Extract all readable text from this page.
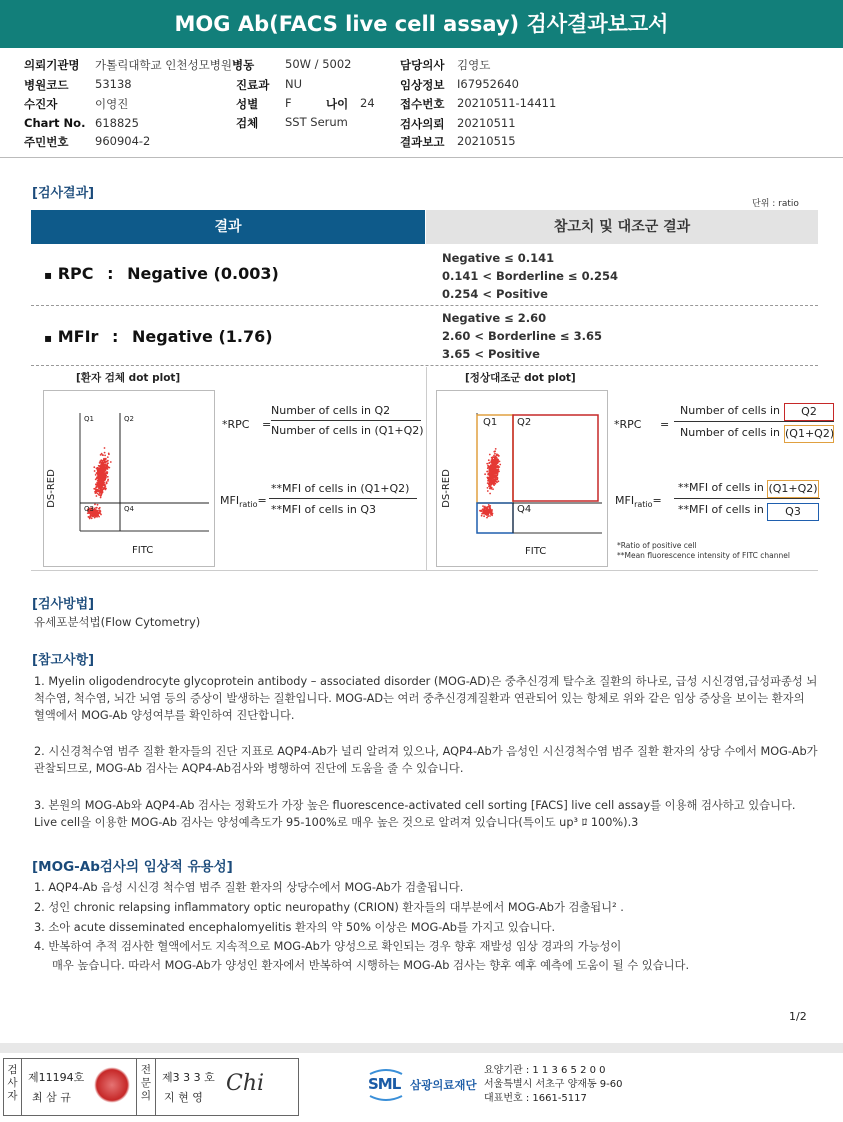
MOG Ab(FACS live cell assay) 검사결과보고서
의뢰기관명 가톨릭대학교 인천성모병원 병동	50W / 5002	담당의사 김영도
병원코드 53138	진료과 NU	임상정보 I67952640
수진자	이영진	성별 F	나이 24 접수번호 20210511-14411
Chart No. 618825	검체 SST Serum	검사의뢰 20210511
주민번호 960904-2	결과보고 20210515
[검사결과]
단위 : ratio
결과	참고치 및 대조군 결과
▪ RPC : Negative (0.003)
Negative ≤ 0.141
0.141 < Borderline ≤ 0.254
0.254 < Positive
▪ MFIr : Negative (1.76)
Negative ≤ 2.60
2.60 < Borderline ≤ 3.65
3.65 < Positive
[환자 검체 dot plot]
Q1	Q2
Q3	Q4
DS-RED
FITC
*RPC =
Number of cells in Q2
Number of cells in (Q1+Q2)
$MFI_{ratio}=$
**MFI of cells in (Q1+Q2)
**MFI of cells in Q3
[정상대조군 dot plot]
Q1 Q2
Q4
DS-RED
FITC
*RPC =
Number of cells in	Q2
Number of cells in (Q1+Q2)
$MFI_{ratio}=$
**MFI of cells in (Q1+Q2)
**MFI of cells in	Q3
*Ratio of positive cell
**Mean fluorescence intensity of FITC channel
[검사방법]
유세포분석법(Flow Cytometry)
[참고사항]
1. Myelin oligodendrocyte glycoprotein antibody – associated disorder (MOG-AD)은 중추신경계 탈수초 질환의 하나로, 급성 시신경염,급성파종성 뇌척수염, 척수염, 뇌간 뇌염 등의 증상이 발생하는 질환입니다. MOG-AD는 여러 중추신경계질환과 연관되어 있는 항체로 위와 같은 임상 증상을 보이는 환자의 혈액에서 MOG-Ab 양성여부를 확인하여 진단합니다.
2. 시신경척수염 범주 질환 환자들의 진단 지표로 AQP4-Ab가 널리 알려져 있으나, AQP4-Ab가 음성인 시신경척수염 범주 질환 환자의 상당 수에서 MOG-Ab가 관찰되므로, MOG-Ab 검사는 AQP4-Ab검사와 병행하여 진단에 도움을 줄 수 있습니다.
3. 본원의 MOG-Ab와 AQP4-Ab 검사는 정확도가 가장 높은 fluorescence-activated cell sorting [FACS] live cell assay를 이용해 검사하고 있습니다. Live cell을 이용한 MOG-Ab 검사는 양성예측도가 95-100%로 매우 높은 것으로 알려져 있습니다(특이도 up³ ﾛ 100%).3
[MOG-Ab검사의 임상적 유용성]
1. AQP4-Ab 음성 시신경 척수염 범주 질환 환자의 상당수에서 MOG-Ab가 검출됩니다.
2. 성인 chronic relapsing inflammatory optic neuropathy (CRION) 환자들의 대부분에서 MOG-Ab가 검출됩니² .
3. 소아 acute disseminated encephalomyelitis 환자의 약 50% 이상은 MOG-Ab를 가지고 있습니다.
4. 반복하여 추적 검사한 혈액에서도 지속적으로 MOG-Ab가 양성으로 확인되는 경우 향후 재발성 임상 경과의 가능성이
매우 높습니다. 따라서 MOG-Ab가 양성인 환자에서 반복하여 시행하는 MOG-Ab 검사는 향후 예후 예측에 도움이 될 수 있습니다.
1/2
검사자
제11194호
최 삼 규
전문의
제3 3 3 호
지 현 영
Chi	SML 삼광의료재단
요양기관 : 1 1 3 6 5 2 0 0
서울특별시 서초구 양재동 9-60
대표번호 : 1661-5117
